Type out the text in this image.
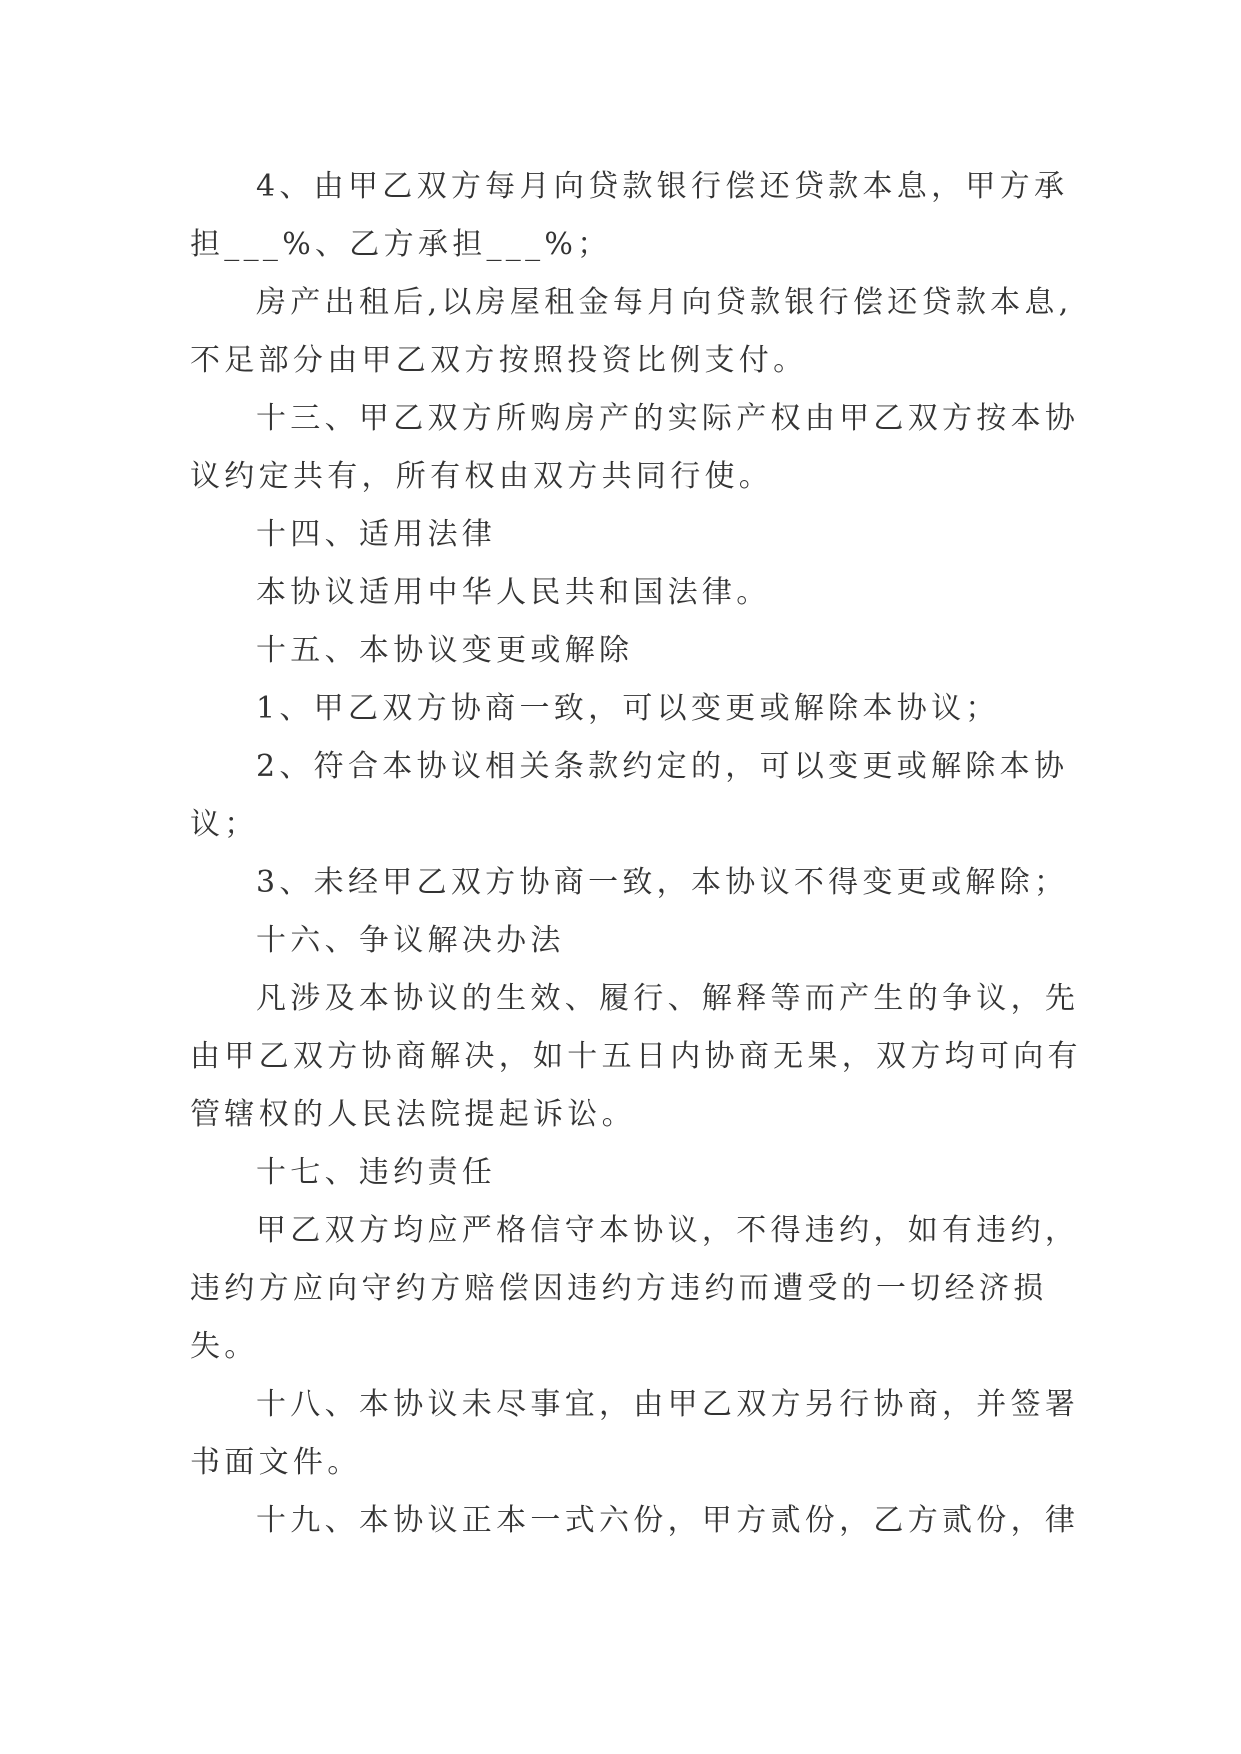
4、由甲乙双方每月向贷款银行偿还贷款本息，甲方承担___%、乙方承担___%；

房产出租后,以房屋租金每月向贷款银行偿还贷款本息,不足部分由甲乙双方按照投资比例支付。

十三、甲乙双方所购房产的实际产权由甲乙双方按本协议约定共有，所有权由双方共同行使。

十四、适用法律

本协议适用中华人民共和国法律。

十五、本协议变更或解除

1、甲乙双方协商一致，可以变更或解除本协议；

2、符合本协议相关条款约定的，可以变更或解除本协议；

3、未经甲乙双方协商一致，本协议不得变更或解除；

十六、争议解决办法

凡涉及本协议的生效、履行、解释等而产生的争议，先由甲乙双方协商解决，如十五日内协商无果，双方均可向有管辖权的人民法院提起诉讼。

十七、违约责任

甲乙双方均应严格信守本协议，不得违约，如有违约，违约方应向守约方赔偿因违约方违约而遭受的一切经济损失。

十八、本协议未尽事宜，由甲乙双方另行协商，并签署书面文件。

十九、本协议正本一式六份，甲方贰份，乙方贰份，律
